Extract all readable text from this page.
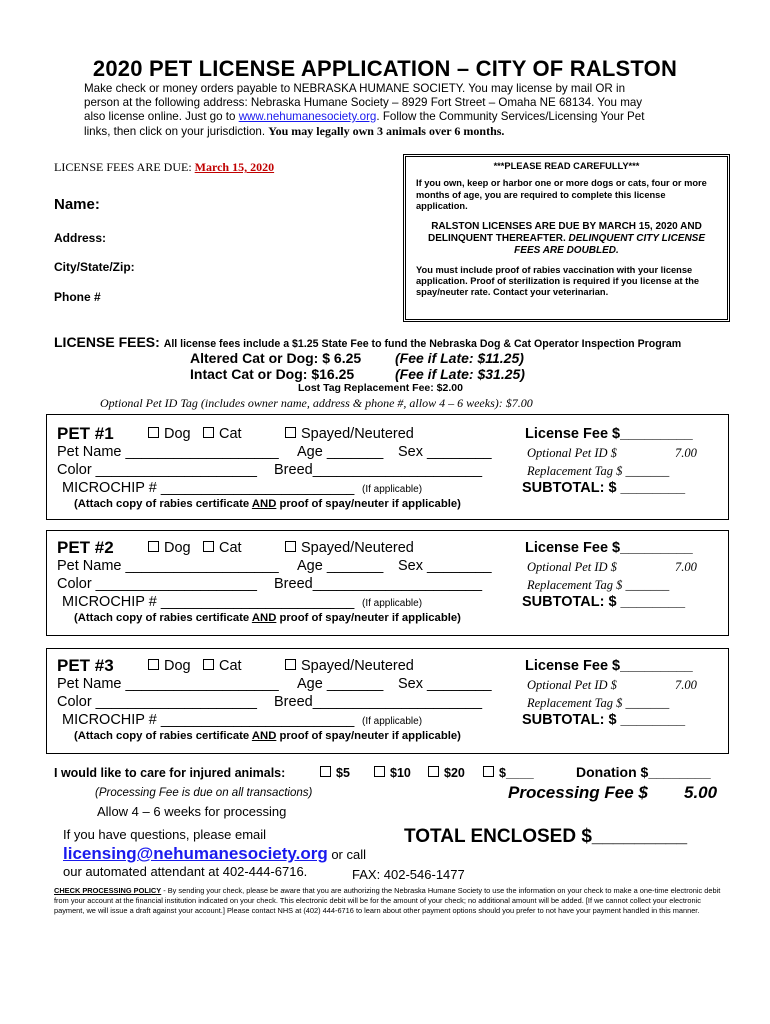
2020 PET LICENSE APPLICATION – CITY OF RALSTON
Make check or money orders payable to NEBRASKA HUMANE SOCIETY. You may license by mail OR in
person at the following address: Nebraska Humane Society – 8929 Fort Street – Omaha NE 68134. You may
also license online. Just go to www.nehumanesociety.org. Follow the Community Services/Licensing Your Pet
links, then click on your jurisdiction. You may legally own 3 animals over 6 months.
LICENSE FEES ARE DUE: March 15, 2020
Name:
Address:
City/State/Zip:
Phone #
***PLEASE READ CAREFULLY***

If you own, keep or harbor one or more dogs or cats, four or more months of age, you are required to complete this license application.

RALSTON LICENSES ARE DUE BY MARCH 15, 2020 AND DELINQUENT THEREAFTER. DELINQUENT CITY LICENSE FEES ARE DOUBLED.

You must include proof of rabies vaccination with your license application. Proof of sterilization is required if you license at the spay/neuter rate. Contact your veterinarian.

LICENSE FEES: All license fees include a $1.25 State Fee to fund the Nebraska Dog & Cat Operator Inspection Program
Altered Cat or Dog: $ 6.25 (Fee if Late: $11.25)
Intact Cat or Dog: $16.25	(Fee if Late: $31.25)
Lost Tag Replacement Fee: $2.00
Optional Pet ID Tag (includes owner name, address & phone #, allow 4 – 6 weeks): $7.00
PET #1	Dog	Cat	Spayed/Neutered	License Fee $_________
Pet Name ___________________ Age _______ Sex ________	Optional Pet ID $	7.00
Color ____________________ Breed_____________________	Replacement Tag $ _______
MICROCHIP # ________________________ (If applicable)	SUBTOTAL: $ ________
(Attach copy of rabies certificate AND proof of spay/neuter if applicable)
PET #2	Dog	Cat	Spayed/Neutered	License Fee $_________
Pet Name ___________________ Age _______ Sex ________	Optional Pet ID $	7.00
Color ____________________ Breed_____________________	Replacement Tag $ _______
MICROCHIP # ________________________ (If applicable)	SUBTOTAL: $ ________
(Attach copy of rabies certificate AND proof of spay/neuter if applicable)
PET #3	Dog	Cat	Spayed/Neutered	License Fee $_________
Pet Name ___________________ Age _______ Sex ________	Optional Pet ID $	7.00
Color ____________________ Breed_____________________	Replacement Tag $ _______
MICROCHIP # ________________________ (If applicable)	SUBTOTAL: $ ________
(Attach copy of rabies certificate AND proof of spay/neuter if applicable)
I would like to care for injured animals:	$5	$10	$20	$____	Donation $________
(Processing Fee is due on all transactions)
Allow 4 – 6 weeks for processing
Processing Fee $ 5.00
If you have questions, please email
licensing@nehumanesociety.org or call
our automated attendant at 402-444-6716.	FAX: 402-546-1477
TOTAL ENCLOSED $_________
CHECK PROCESSING POLICY - By sending your check, please be aware that you are authorizing the Nebraska Humane Society to use the information on your check to make a one-time electronic debit from your account at the financial institution indicated on your check. This electronic debit will be for the amount of your check; no additional amount will be added. [If we cannot collect your electronic payment, we will issue a draft against your account.] Please contact NHS at (402) 444-6716 to learn about other payment options should you prefer to not have your payment handled in this manner.
